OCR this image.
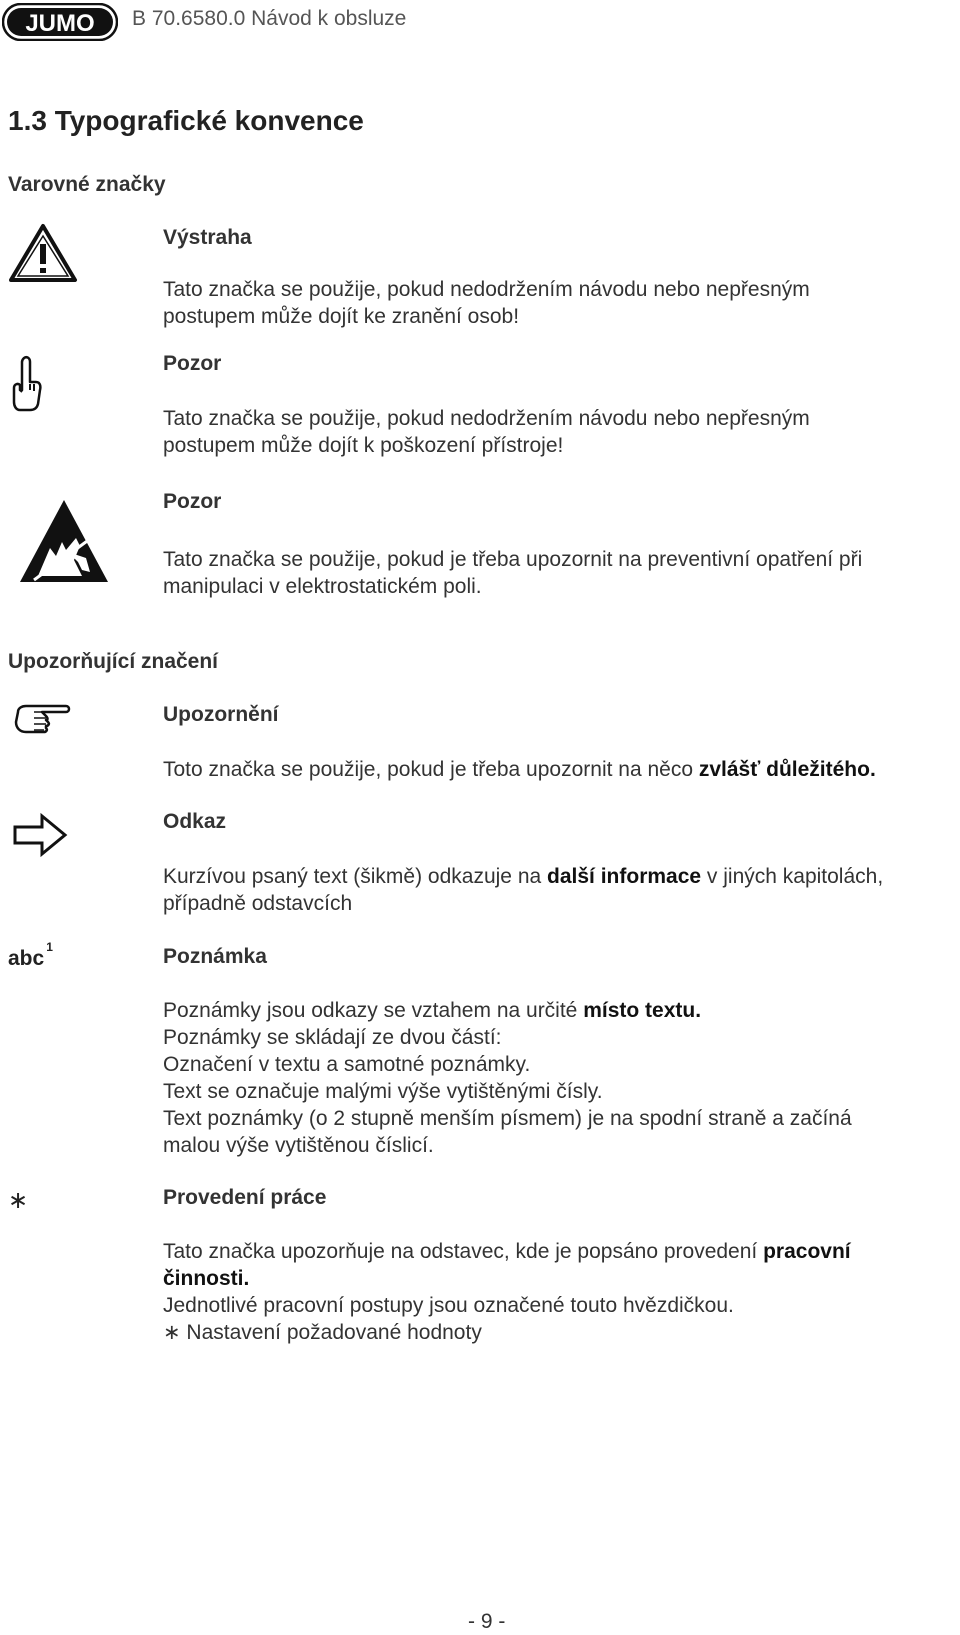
JUMO B 70.6580.0 Návod k obsluze
1.3 Typografické konvence
Varovné značky
Výstraha
Tato značka se použije, pokud nedodržením návodu nebo nepřesným
postupem může dojít ke zranění osob!
Pozor
Tato značka se použije, pokud nedodržením návodu nebo nepřesným
postupem může dojít k poškození přístroje!
Pozor
Tato značka se použije, pokud je třeba upozornit na preventivní opatření při
manipulaci v elektrostatickém poli.
Upozorňující značení
Upozornění
Toto značka se použije, pokud je třeba upozornit na něco zvlášť důležitého.
Odkaz
Kurzívou psaný text (šikmě) odkazuje na další informace v jiných kapitolách,
případně odstavcích
abc $^1$	Poznámka
Poznámky jsou odkazy se vztahem na určité místo textu.
Poznámky se skládají ze dvou částí:
Označení v textu a samotné poznámky.
Text se označuje malými výše vytištěnými čísly.
Text poznámky (o 2 stupně menším písmem) je na spodní straně a začíná
malou výše vytištěnou číslicí.
∗	Provedení práce
Tato značka upozorňuje na odstavec, kde je popsáno provedení pracovní
činnosti.
Jednotlivé pracovní postupy jsou označené touto hvězdičkou.
∗ Nastavení požadované hodnoty
- 9 -
